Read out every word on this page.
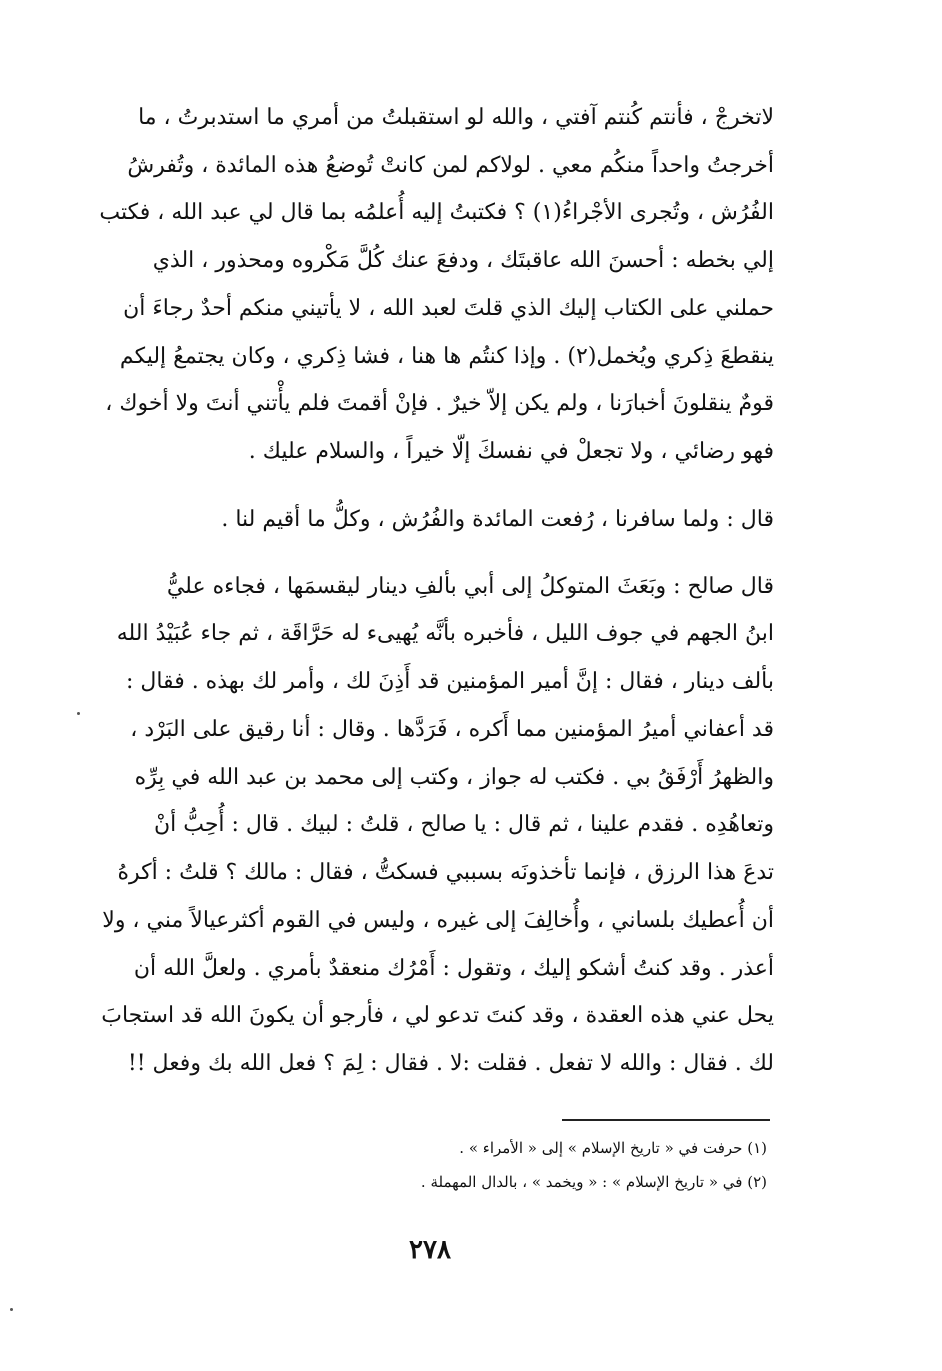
لاتخرجْ ، فأنتم كُنتم آفتي ، والله لو استقبلتُ من أمري ما استدبرتُ ، ما
أخرجتُ واحداً منكُم معي . لولاكم لمن كانتْ تُوضعُ هذه المائدة ، وتُفرشُ
الفُرُش ، وتُجرى الأجْراءُ(١) ؟ فكتبتُ إليه أُعلمُه بما قال لي عبد الله ، فكتب
إلي بخطه : أحسنَ الله عاقبتَك ، ودفعَ عنك كُلَّ مَكْروه ومحذور ، الذي
حملني على الكتاب إليك الذي قلتَ لعبد الله ، لا يأتيني منكم أحدٌ رجاءَ أن
ينقطعَ ذِكري ويُخمل(٢) . وإذا كنتُم ها هنا ، فشا ذِكري ، وكان يجتمعُ إليكم
قومٌ ينقلونَ أخبارَنا ، ولم يكن إلاّ خيرٌ . فإنْ أقمتَ فلم يأْتني أنتَ ولا أخوك ،
فهو رضائي ، ولا تجعلْ في نفسكَ إلّا خيراً ، والسلام عليك .
قال : ولما سافرنا ، رُفعت المائدة والفُرُش ، وكلُّ ما أقيم لنا .
قال صالح : وبَعَثَ المتوكلُ إلى أبي بألفِ دينار ليقسمَها ، فجاءه عليُّ
ابنُ الجهم في جوف الليل ، فأخبره بأنَّه يُهيىء له حَرَّاقَة ، ثم جاء عُبَيْدُ الله
بألف دينار ، فقال : إنَّ أمير المؤمنين قد أَذِنَ لك ، وأمر لك بهذه . فقال :
قد أعفاني أميرُ المؤمنين مما أَكره ، فَرَدَّها . وقال : أنا رقيق على البَرْد ،
والظهرُ أَرْفَقُ بي . فكتب له جواز ، وكتب إلى محمد بن عبد الله في بِرِّه
وتعاهُدِه . فقدم علينا ، ثم قال : يا صالح ، قلتُ : لبيك . قال : أُحِبُّ أنْ
تدعَ هذا الرزق ، فإنما تأخذونَه بسببي فسكتُّ ، فقال : مالك ؟ قلتُ : أكرهُ
أن أُعطيك بلساني ، وأُخالِفَ إلى غيره ، وليس في القوم أكثرعيالاً مني ، ولا
أعذر . وقد كنتُ أشكو إليك ، وتقول : أَمْرُك منعقدٌ بأمري . ولعلَّ الله أن
يحل عني هذه العقدة ، وقد كنتَ تدعو لي ، فأرجو أن يكونَ الله قد استجابَ
لك . فقال : والله لا تفعل . فقلت :لا . فقال : لِمَ ؟ فعل الله بك وفعل !!
(١) حرفت في « تاريخ الإسلام » إلى « الأمراء » .
(٢) في « تاريخ الإسلام » : « ويخمد » ، بالدال المهملة .
٢٧٨
